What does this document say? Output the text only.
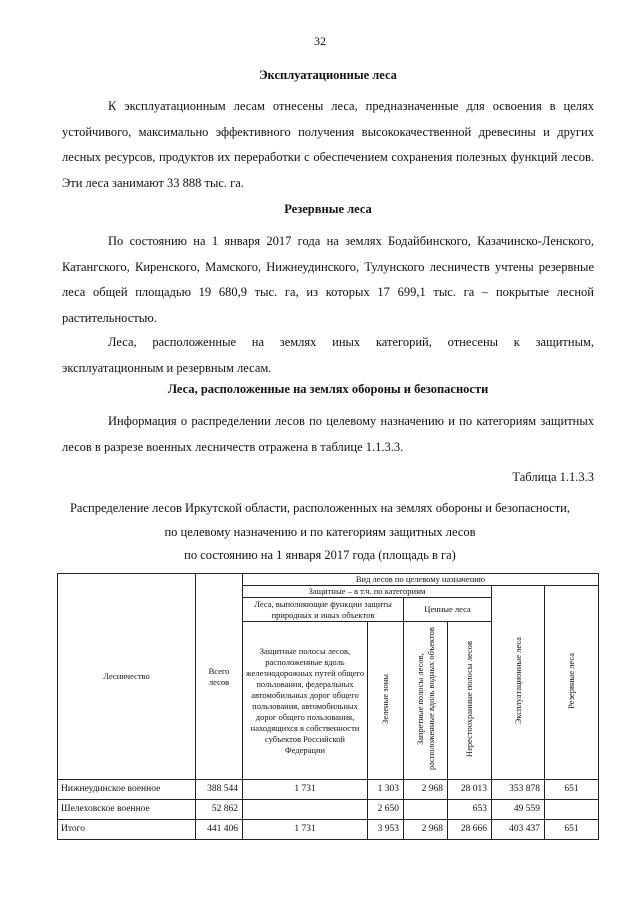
32
Эксплуатационные леса

К эксплуатационным лесам отнесены леса, предназначенные для освоения в целях устойчивого, максимально эффективного получения высококачественной древесины и других лесных ресурсов, продуктов их переработки с обеспечением сохранения полезных функций лесов. Эти леса занимают 33 888 тыс. га.

Резервные леса

По состоянию на 1 января 2017 года на землях Бодайбинского, Казачинско-Ленского, Катангского, Киренского, Мамского, Нижнеудинского, Тулунского лесничеств учтены резервные леса общей площадью 19 680,9 тыс. га, из которых 17 699,1 тыс. га – покрытые лесной растительностью.

Леса, расположенные на землях иных категорий, отнесены к защитным, эксплуатационным и резервным лесам.

Леса, расположенные на землях обороны и безопасности

Информация о распределении лесов по целевому назначению и по категориям защитных лесов в разрезе военных лесничеств отражена в таблице 1.1.3.3.

Таблица 1.1.3.3
Распределение лесов Иркутской области, расположенных на землях обороны и безопасности,
по целевому назначению и по категориям защитных лесов
по состоянию на 1 января 2017 года (площадь в га)
Лесничество	Всего лесов	Вид лесов по целевому назначению					
		Защитные – в т.ч. по категориям				Эксплуатационные леса	Резервные леса
		Леса, выполняющие функции защиты природных и иных объектов		Ценные леса			
		Защитные полосы лесов, расположенные вдоль железнодорожных путей общего пользования, федеральных автомобильных дорог общего пользования, автомобильных дорог общего пользования, находящихся в собственности субъектов Российской Федерации	Зеленые зоны	Запретные полосы лесов, расположенные вдоль водных объектов	Нерестоохранные полосы лесов		
Нижнеудинское военное	388 544	1 731	1 303	2 968	28 013	353 878	651
Шелеховское военное	52 862		2 650		653	49 559	
Итого	441 406	1 731	3 953	2 968	28 666	403 437	651
